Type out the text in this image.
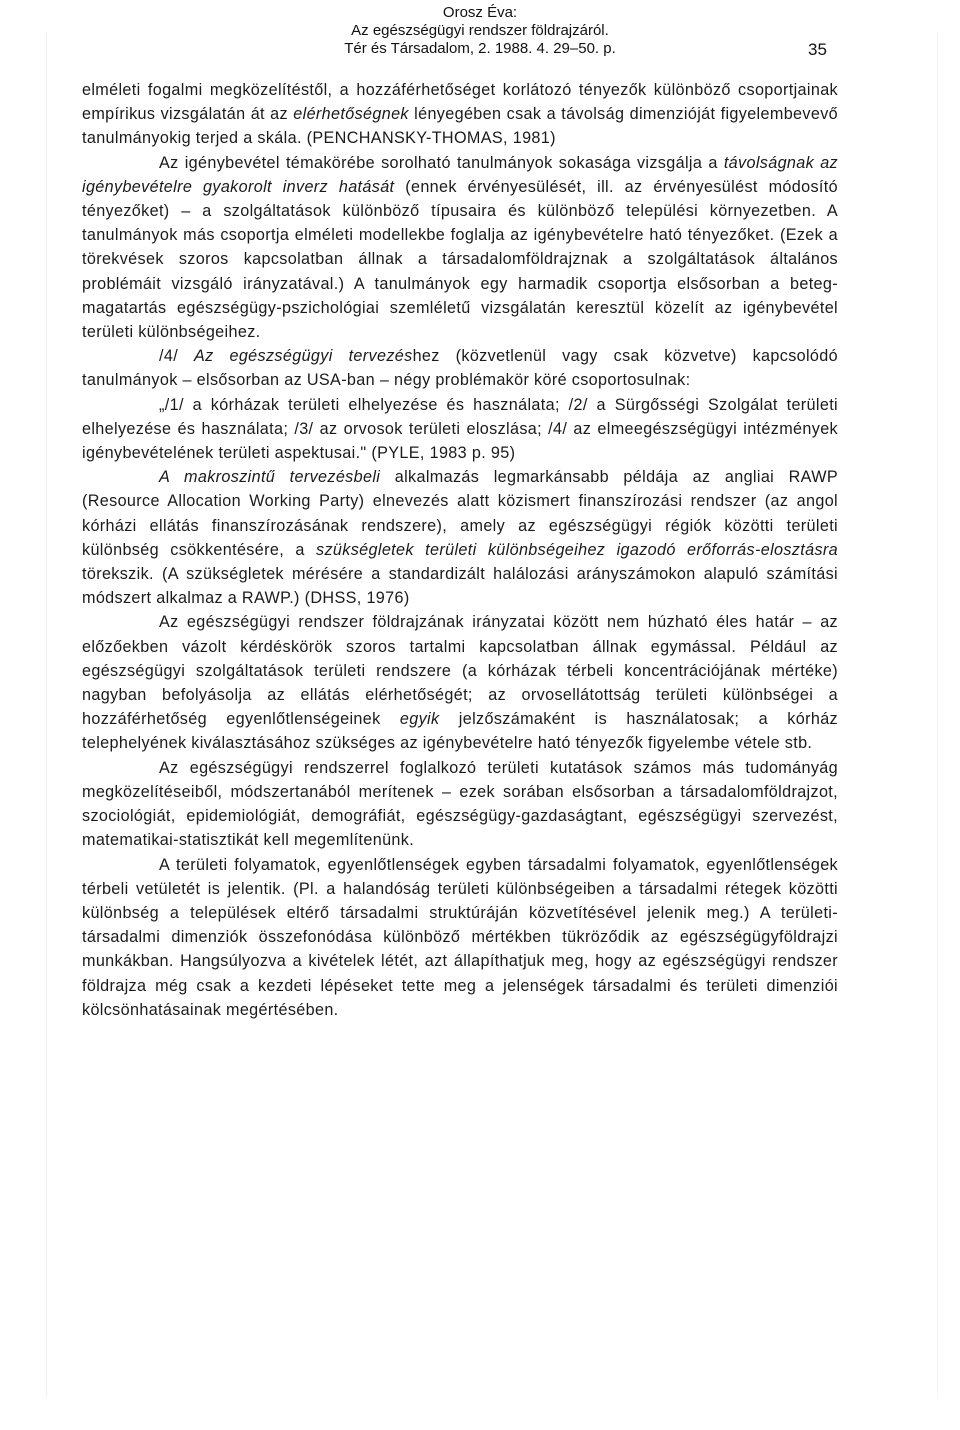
Orosz Éva:
Az egészségügyi rendszer földrajzáról.
Tér és Társadalom, 2. 1988. 4. 29–50. p.	35

elméleti fogalmi megközelítéstől, a hozzáférhetőséget korlátozó tényezők különböző csoportjainak empírikus vizsgálatán át az elérhetőségnek lényegében csak a távolság dimenzióját figyelembevevő tanulmányokig terjed a skála. (PENCHANSKY-THOMAS, 1981)

Az igénybevétel témakörébe sorolható tanulmányok sokasága vizsgálja a távolságnak az igénybevételre gyakorolt inverz hatását (ennek érvényesülését, ill. az érvényesülést módosító tényezőket) – a szolgáltatások különböző típusaira és különböző települési környezetben. A tanulmányok más csoportja elméleti modellekbe foglalja az igénybevételre ható tényezőket. (Ezek a törekvések szoros kapcsolatban állnak a társadalomföldrajznak a szolgáltatások általános problémáit vizsgáló irányzatával.) A tanulmányok egy harmadik csoportja elsősorban a beteg-magatartás egészségügy-pszichológiai szemléletű vizsgálatán keresztül közelít az igénybevétel területi különbségeihez.

/4/ Az egészségügyi tervezéshez (közvetlenül vagy csak közvetve) kapcsolódó tanulmányok – elsősorban az USA-ban – négy problémakör köré csoportosulnak:

„/1/ a kórházak területi elhelyezése és használata; /2/ a Sürgősségi Szolgálat területi elhelyezése és használata; /3/ az orvosok területi eloszlása; /4/ az elmeegészségügyi intézmények igénybevételének területi aspektusai." (PYLE, 1983 p. 95)

A makroszintű tervezésbeli alkalmazás legmarkánsabb példája az angliai RAWP (Resource Allocation Working Party) elnevezés alatt közismert finanszírozási rendszer (az angol kórházi ellátás finanszírozásának rendszere), amely az egészségügyi régiók közötti területi különbség csökkentésére, a szükségletek területi különbségeihez igazodó erőforrás-elosztásra törekszik. (A szükségletek mérésére a standardizált halálozási arányszámokon alapuló számítási módszert alkalmaz a RAWP.) (DHSS, 1976)

Az egészségügyi rendszer földrajzának irányzatai között nem húzható éles határ – az előzőekben vázolt kérdéskörök szoros tartalmi kapcsolatban állnak egymással. Például az egészségügyi szolgáltatások területi rendszere (a kórházak térbeli koncentrációjának mértéke) nagyban befolyásolja az ellátás elérhetőségét; az orvosellátottság területi különbségei a hozzáférhetőség egyenlőtlenségeinek egyik jelzőszámaként is használatosak; a kórház telephelyének kiválasztásához szükséges az igénybevételre ható tényezők figyelembe vétele stb.

Az egészségügyi rendszerrel foglalkozó területi kutatások számos más tudományág megközelítéseiből, módszertanából merítenek – ezek sorában elsősorban a társadalomföldrajzot, szociológiát, epidemiológiát, demográfiát, egészségügy-gazdaságtant, egészségügyi szervezést, matematikai-statisztikát kell megemlítenünk.

A területi folyamatok, egyenlőtlenségek egyben társadalmi folyamatok, egyenlőtlenségek térbeli vetületét is jelentik. (Pl. a halandóság területi különbségeiben a társadalmi rétegek közötti különbség a települések eltérő társadalmi struktúráján közvetítésével jelenik meg.) A területi-társadalmi dimenziók összefonódása különböző mértékben tükröződik az egészségügyföldrajzi munkákban. Hangsúlyozva a kivételek létét, azt állapíthatjuk meg, hogy az egészségügyi rendszer földrajza még csak a kezdeti lépéseket tette meg a jelenségek társadalmi és területi dimenziói kölcsönhatásainak megértésében.
